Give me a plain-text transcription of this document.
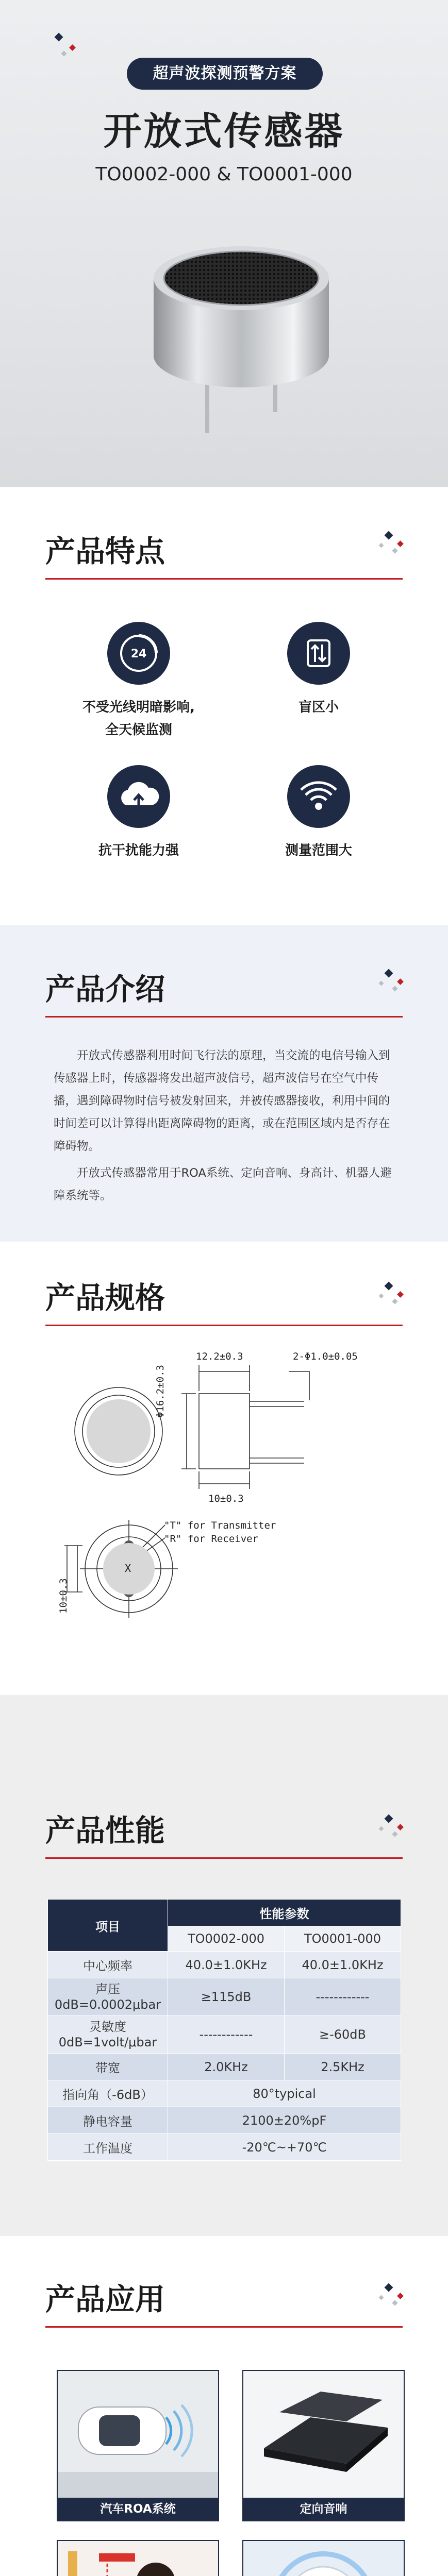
超声波探测预警方案
开放式传感器
TO0002-000 & TO0001-000
产品特点
24
不受光线明暗影响,
全天候监测
盲区小
抗干扰能力强	测量范围大
产品介绍

开放式传感器利用时间飞行法的原理，当交流的电信号输入到传感器上时，传感器将发出超声波信号，超声波信号在空气中传播，遇到障碍物时信号被发射回来，并被传感器接收，利用中间的时间差可以计算得出距离障碍物的距离，或在范围区域内是否存在障碍物。

开放式传感器常用于ROA系统、定向音响、身高计、机器人避障系统等。

产品规格
12.2±0.3	2-Φ1.0±0.05
Φ16.2±0.3
10±0.3
10±0.3
"T" for Transmitter
"R" for Receiver
X
产品性能
项目	性能参数	
	TO0002-000	TO0001-000
中心频率	40.0±1.0KHz	40.0±1.0KHz
声压
0dB=0.0002μbar	≥115dB	------------
灵敏度
0dB=1volt/μbar	------------	≥-60dB
带宽	2.0KHz	2.5KHz
指向角（-6dB）	80°typical	
静电容量	2100±20%pF	
工作温度	-20℃~+70℃	
产品应用
汽车ROA系统	定向音响
